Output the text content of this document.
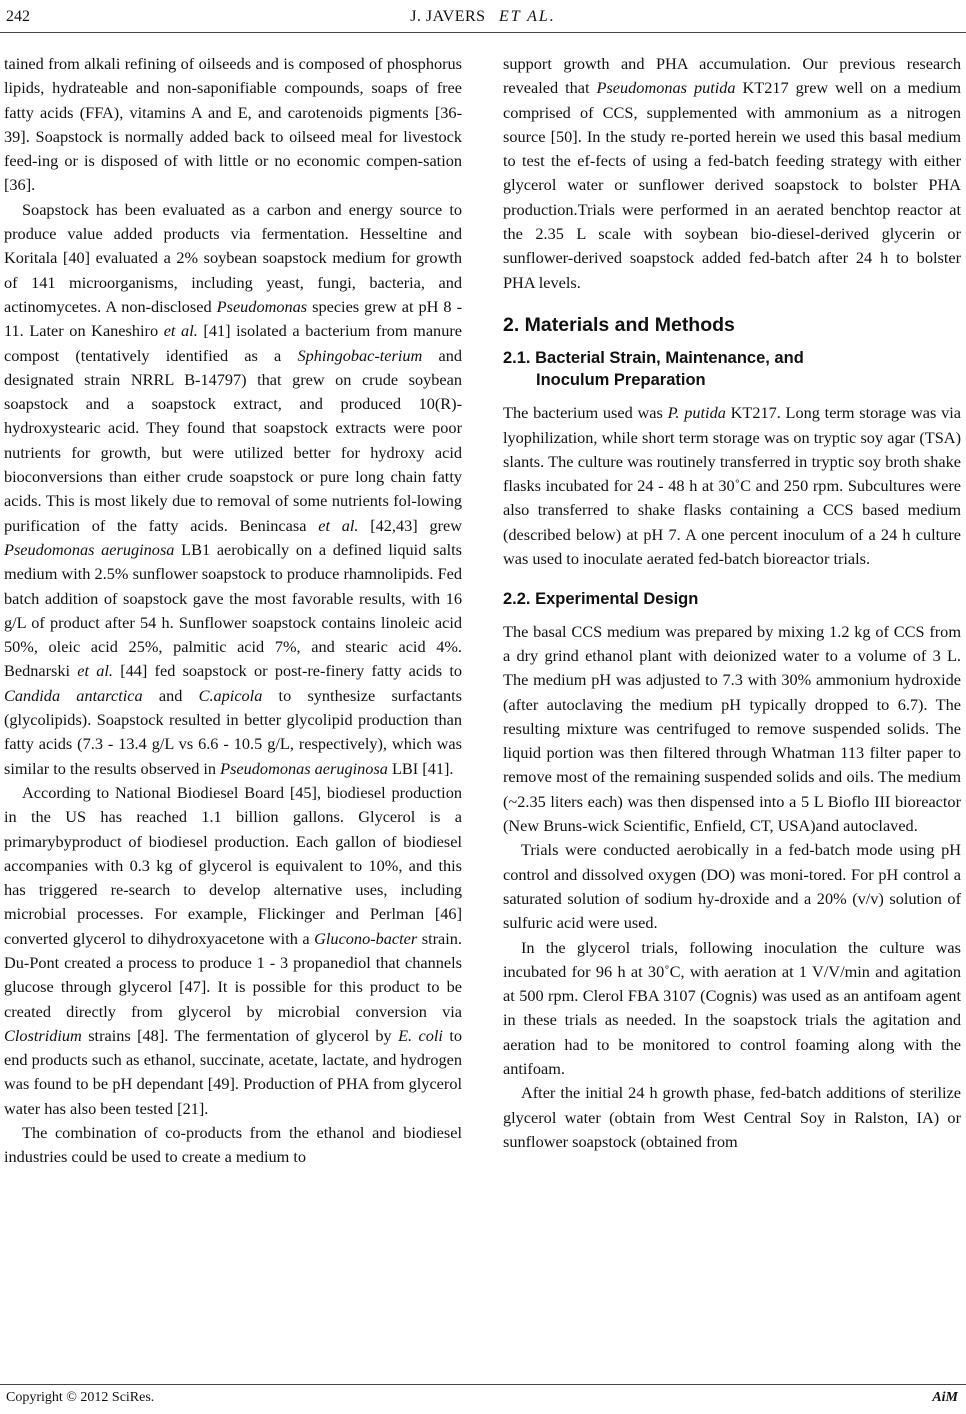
242	J. JAVERS ET AL.

tained from alkali refining of oilseeds and is composed of phosphorus lipids, hydrateable and non-saponifiable compounds, soaps of free fatty acids (FFA), vitamins A and E, and carotenoids pigments [36-39]. Soapstock is normally added back to oilseed meal for livestock feed-ing or is disposed of with little or no economic compen-sation [36].

Soapstock has been evaluated as a carbon and energy source to produce value added products via fermentation. Hesseltine and Koritala [40] evaluated a 2% soybean soapstock medium for growth of 141 microorganisms, including yeast, fungi, bacteria, and actinomycetes. A non-disclosed Pseudomonas species grew at pH 8 - 11. Later on Kaneshiro et al. [41] isolated a bacterium from manure compost (tentatively identified as a Sphingobac-terium and designated strain NRRL B-14797) that grew on crude soybean soapstock and a soapstock extract, and produced 10(R)-hydroxystearic acid. They found that soapstock extracts were poor nutrients for growth, but were utilized better for hydroxy acid bioconversions than either crude soapstock or pure long chain fatty acids. This is most likely due to removal of some nutrients fol-lowing purification of the fatty acids. Benincasa et al. [42,43] grew Pseudomonas aeruginosa LB1 aerobically on a defined liquid salts medium with 2.5% sunflower soapstock to produce rhamnolipids. Fed batch addition of soapstock gave the most favorable results, with 16 g/L of product after 54 h. Sunflower soapstock contains linoleic acid 50%, oleic acid 25%, palmitic acid 7%, and stearic acid 4%. Bednarski et al. [44] fed soapstock or post-re-finery fatty acids to Candida antarctica and C.apicola to synthesize surfactants (glycolipids). Soapstock resulted in better glycolipid production than fatty acids (7.3 - 13.4 g/L vs 6.6 - 10.5 g/L, respectively), which was similar to the results observed in Pseudomonas aeruginosa LBI [41].

According to National Biodiesel Board [45], biodiesel production in the US has reached 1.1 billion gallons. Glycerol is a primarybyproduct of biodiesel production. Each gallon of biodiesel accompanies with 0.3 kg of glycerol is equivalent to 10%, and this has triggered re-search to develop alternative uses, including microbial processes. For example, Flickinger and Perlman [46] converted glycerol to dihydroxyacetone with a Glucono-bacter strain. Du-Pont created a process to produce 1 - 3 propanediol that channels glucose through glycerol [47]. It is possible for this product to be created directly from glycerol by microbial conversion via Clostridium strains [48]. The fermentation of glycerol by E. coli to end products such as ethanol, succinate, acetate, lactate, and hydrogen was found to be pH dependant [49]. Production of PHA from glycerol water has also been tested [21].

The combination of co-products from the ethanol and biodiesel industries could be used to create a medium to

support growth and PHA accumulation. Our previous research revealed that Pseudomonas putida KT217 grew well on a medium comprised of CCS, supplemented with ammonium as a nitrogen source [50]. In the study re-ported herein we used this basal medium to test the ef-fects of using a fed-batch feeding strategy with either glycerol water or sunflower derived soapstock to bolster PHA production.Trials were performed in an aerated benchtop reactor at the 2.35 L scale with soybean bio-diesel-derived glycerin or sunflower-derived soapstock added fed-batch after 24 h to bolster PHA levels.

2. Materials and Methods
2.1. Bacterial Strain, Maintenance, and
Inoculum Preparation

The bacterium used was P. putida KT217. Long term storage was via lyophilization, while short term storage was on tryptic soy agar (TSA) slants. The culture was routinely transferred in tryptic soy broth shake flasks incubated for 24 - 48 h at 30˚C and 250 rpm. Subcultures were also transferred to shake flasks containing a CCS based medium (described below) at pH 7. A one percent inoculum of a 24 h culture was used to inoculate aerated fed-batch bioreactor trials.

2.2. Experimental Design

The basal CCS medium was prepared by mixing 1.2 kg of CCS from a dry grind ethanol plant with deionized water to a volume of 3 L. The medium pH was adjusted to 7.3 with 30% ammonium hydroxide (after autoclaving the medium pH typically dropped to 6.7). The resulting mixture was centrifuged to remove suspended solids. The liquid portion was then filtered through Whatman 113 filter paper to remove most of the remaining suspended solids and oils. The medium (~2.35 liters each) was then dispensed into a 5 L Bioflo III bioreactor (New Bruns-wick Scientific, Enfield, CT, USA)and autoclaved.

Trials were conducted aerobically in a fed-batch mode using pH control and dissolved oxygen (DO) was moni-tored. For pH control a saturated solution of sodium hy-droxide and a 20% (v/v) solution of sulfuric acid were used.

In the glycerol trials, following inoculation the culture was incubated for 96 h at 30˚C, with aeration at 1 V/V/min and agitation at 500 rpm. Clerol FBA 3107 (Cognis) was used as an antifoam agent in these trials as needed. In the soapstock trials the agitation and aeration had to be monitored to control foaming along with the antifoam.

After the initial 24 h growth phase, fed-batch additions of sterilize glycerol water (obtain from West Central Soy in Ralston, IA) or sunflower soapstock (obtained from

Copyright © 2012 SciRes.	AiM
